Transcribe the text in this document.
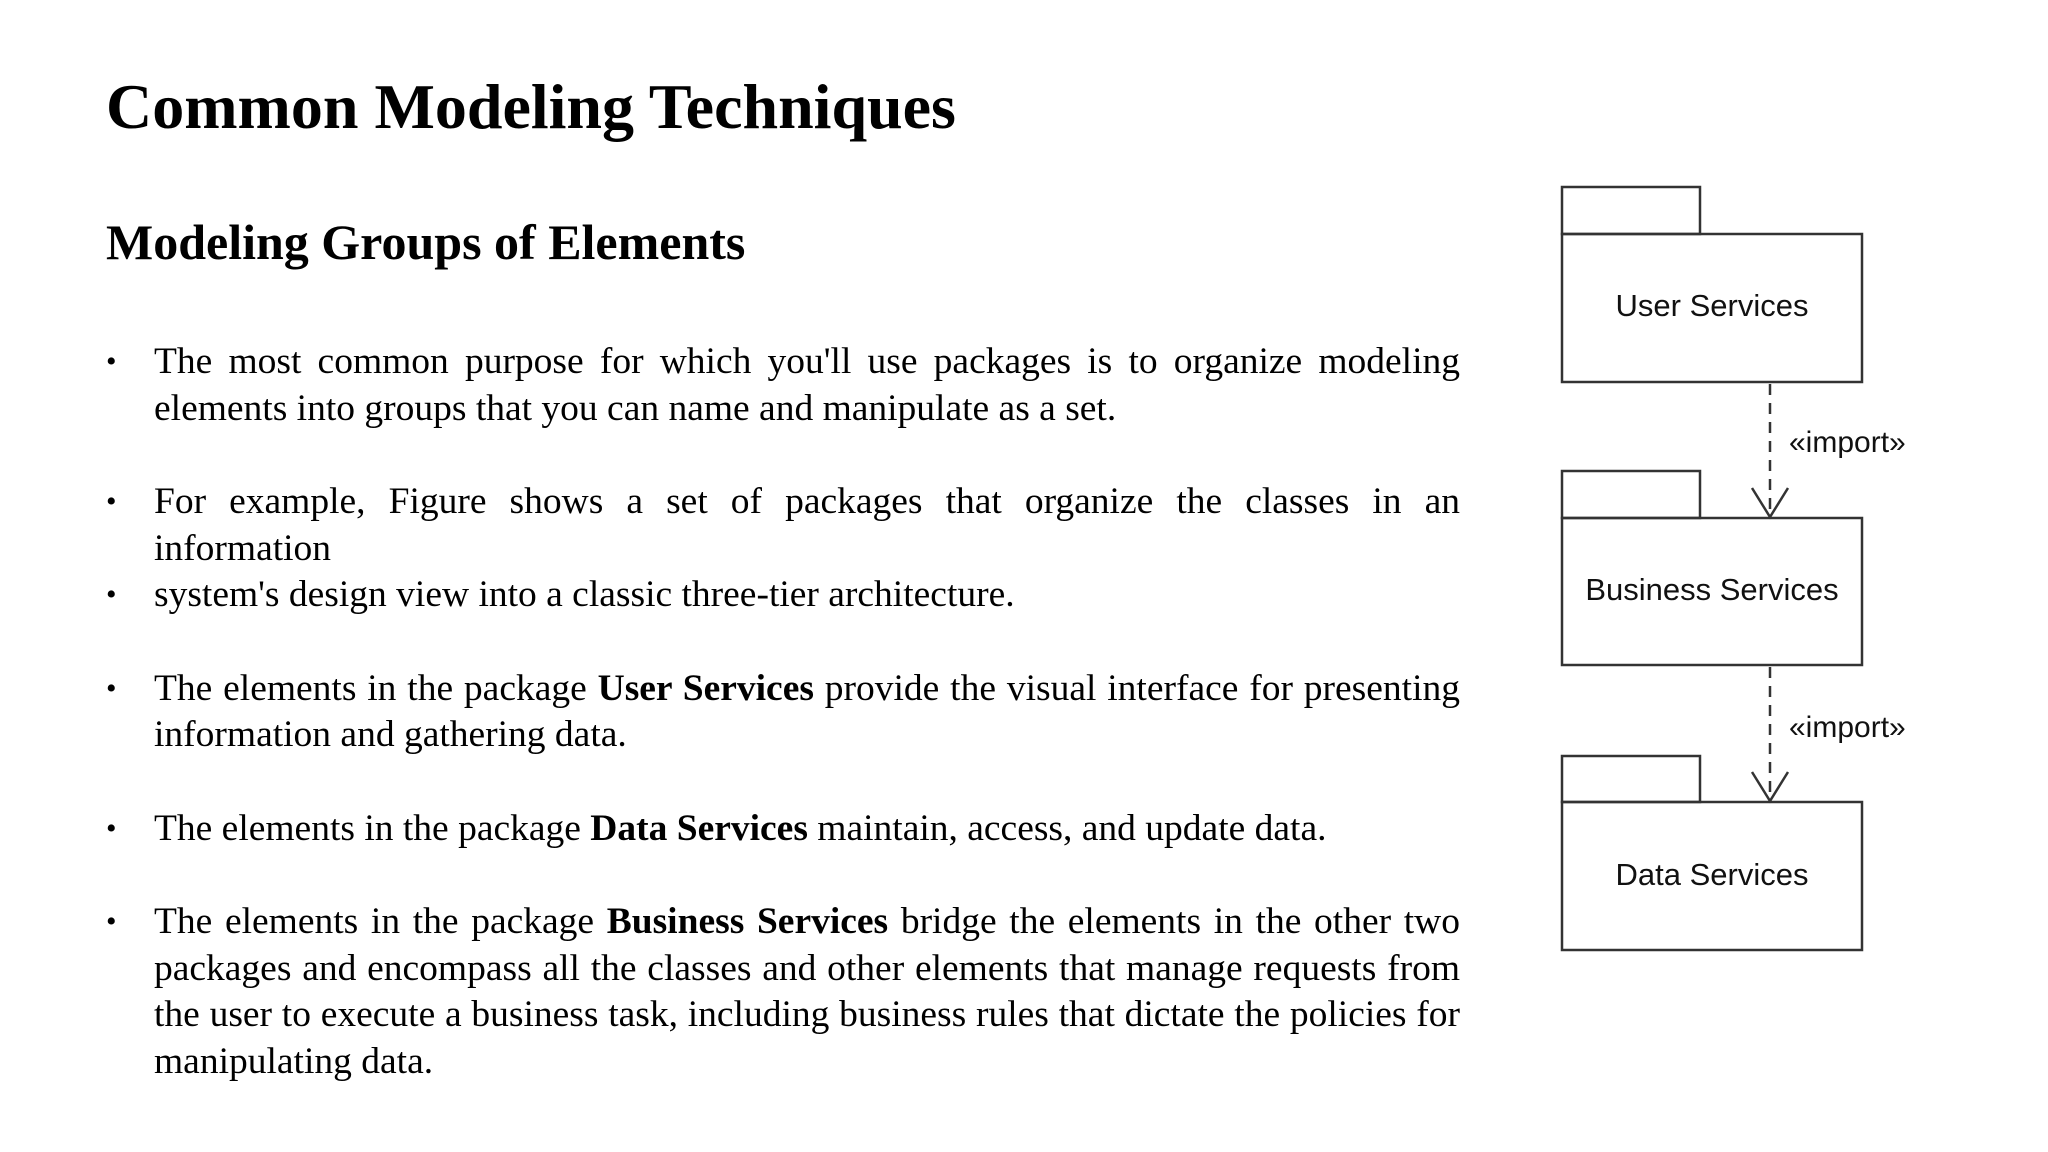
Common Modeling Techniques
Modeling Groups of Elements
• The most common purpose for which you'll use packages is to organize modeling elements into groups that you can name and manipulate as a set.
• For example, Figure shows a set of packages that organize the classes in an information
• system's design view into a classic three-tier architecture.
• The elements in the package User Services provide the visual interface for presenting information and gathering data.
• The elements in the package Data Services maintain, access, and update data.
• The elements in the package Business Services bridge the elements in the other two packages and encompass all the classes and other elements that manage requests from the user to execute a business task, including business rules that dictate the policies for manipulating data.
User Services
Business Services
Data Services
«import»
«import»
